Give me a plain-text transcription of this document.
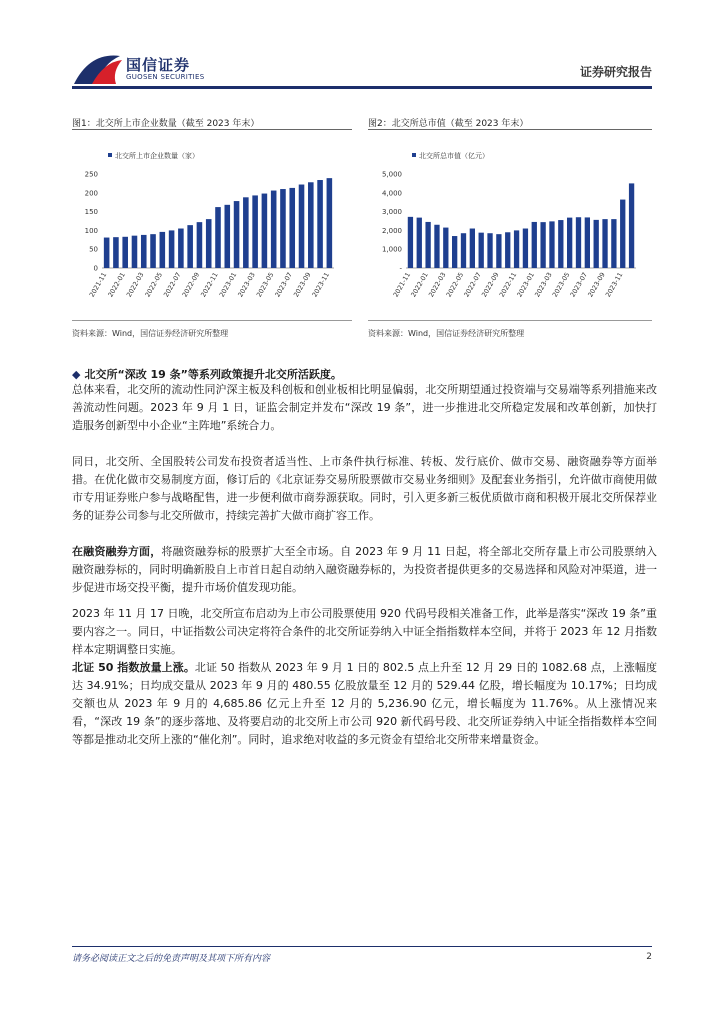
国信证券
GUOSEN SECURITIES	证券研究报告
图1：北交所上市企业数量（截至 2023 年末）
北交所上市企业数量（家）
0
50
100
150
200
250
2021-11
2022-01
2022-03
2022-05
2022-07
2022-09
2022-11
2023-01
2023-03
2023-05
2023-07
2023-09
2023-11
资料来源：Wind，国信证券经济研究所整理
图2：北交所总市值（截至 2023 年末）
北交所总市值（亿元）
-
1,000
2,000
3,000
4,000
5,000
2021-11
2022-01
2022-03
2022-05
2022-07
2022-09
2022-11
2023-01
2023-03
2023-05
2023-07
2023-09
2023-11
资料来源：Wind，国信证券经济研究所整理
◆ 北交所“深改 19 条”等系列政策提升北交所活跃度。

总体来看，北交所的流动性同沪深主板及科创板和创业板相比明显偏弱，北交所期望通过投资端与交易端等系列措施来改善流动性问题。2023 年 9 月 1 日，证监会制定并发布“深改 19 条”，进一步推进北交所稳定发展和改革创新，加快打造服务创新型中小企业“主阵地”系统合力。

同日，北交所、全国股转公司发布投资者适当性、上市条件执行标准、转板、发行底价、做市交易、融资融券等方面举措。在优化做市交易制度方面，修订后的《北京证券交易所股票做市交易业务细则》及配套业务指引，允许做市商使用做市专用证券账户参与战略配售，进一步便利做市商券源获取。同时，引入更多新三板优质做市商和积极开展北交所保荐业务的证券公司参与北交所做市，持续完善扩大做市商扩容工作。

在融资融券方面，将融资融券标的股票扩大至全市场。自 2023 年 9 月 11 日起，将全部北交所存量上市公司股票纳入融资融券标的，同时明确新股自上市首日起自动纳入融资融券标的，为投资者提供更多的交易选择和风险对冲渠道，进一步促进市场交投平衡，提升市场价值发现功能。

2023 年 11 月 17 日晚，北交所宣布启动为上市公司股票使用 920 代码号段相关准备工作，此举是落实“深改 19 条”重要内容之一。同日，中证指数公司决定将符合条件的北交所证券纳入中证全指指数样本空间，并将于 2023 年 12 月指数样本定期调整日实施。

北证 50 指数放量上涨。北证 50 指数从 2023 年 9 月 1 日的 802.5 点上升至 12 月 29 日的 1082.68 点，上涨幅度达 34.91%；日均成交量从 2023 年 9 月的 480.55 亿股放量至 12 月的 529.44 亿股，增长幅度为 10.17%；日均成交额也从 2023 年 9 月的 4,685.86 亿元上升至 12 月的 5,236.90 亿元，增长幅度为 11.76%。从上涨情况来看，“深改 19 条”的逐步落地、及将要启动的北交所上市公司 920 新代码号段、北交所证券纳入中证全指指数样本空间等都是推动北交所上涨的“催化剂”。同时，追求绝对收益的多元资金有望给北交所带来增量资金。

请务必阅读正文之后的免责声明及其项下所有内容	2
